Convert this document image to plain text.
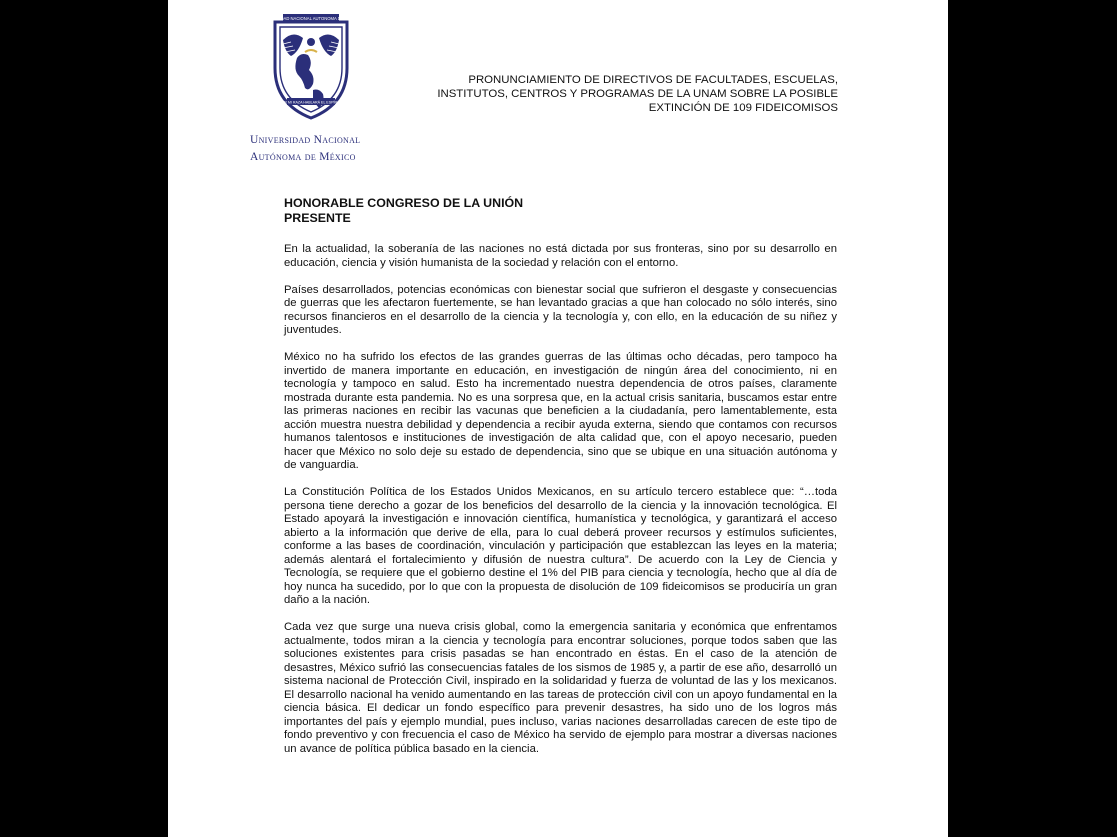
UNIVERSIDAD NACIONAL AUTONOMA DE MEXICO
POR MI RAZA HABLARÁ EL ESPÍRITU
Universidad Nacional
Autónoma de México
PRONUNCIAMIENTO DE DIRECTIVOS DE FACULTADES, ESCUELAS,
INSTITUTOS, CENTROS Y PROGRAMAS DE LA UNAM SOBRE LA POSIBLE
EXTINCIÓN DE 109 FIDEICOMISOS
HONORABLE CONGRESO DE LA UNIÓN
PRESENTE

En la actualidad, la soberanía de las naciones no está dictada por sus fronteras, sino por su desarrollo en educación, ciencia y visión humanista de la sociedad y relación con el entorno.

Países desarrollados, potencias económicas con bienestar social que sufrieron el desgaste y consecuencias de guerras que les afectaron fuertemente, se han levantado gracias a que han colocado no sólo interés, sino recursos financieros en el desarrollo de la ciencia y la tecnología y, con ello, en la educación de su niñez y juventudes.

México no ha sufrido los efectos de las grandes guerras de las últimas ocho décadas, pero tampoco ha invertido de manera importante en educación, en investigación de ningún área del conocimiento, ni en tecnología y tampoco en salud. Esto ha incrementado nuestra dependencia de otros países, claramente mostrada durante esta pandemia. No es una sorpresa que, en la actual crisis sanitaria, buscamos estar entre las primeras naciones en recibir las vacunas que beneficien a la ciudadanía, pero lamentablemente, esta acción muestra nuestra debilidad y dependencia a recibir ayuda externa, siendo que contamos con recursos humanos talentosos e instituciones de investigación de alta calidad que, con el apoyo necesario, pueden hacer que México no solo deje su estado de dependencia, sino que se ubique en una situación autónoma y de vanguardia.

La Constitución Política de los Estados Unidos Mexicanos, en su artículo tercero establece que: “…toda persona tiene derecho a gozar de los beneficios del desarrollo de la ciencia y la innovación tecnológica. El Estado apoyará la investigación e innovación científica, humanística y tecnológica, y garantizará el acceso abierto a la información que derive de ella, para lo cual deberá proveer recursos y estímulos suficientes, conforme a las bases de coordinación, vinculación y participación que establezcan las leyes en la materia; además alentará el fortalecimiento y difusión de nuestra cultura”. De acuerdo con la Ley de Ciencia y Tecnología, se requiere que el gobierno destine el 1% del PIB para ciencia y tecnología, hecho que al día de hoy nunca ha sucedido, por lo que con la propuesta de disolución de 109 fideicomisos se produciría un gran daño a la nación.

Cada vez que surge una nueva crisis global, como la emergencia sanitaria y económica que enfrentamos actualmente, todos miran a la ciencia y tecnología para encontrar soluciones, porque todos saben que las soluciones existentes para crisis pasadas se han encontrado en éstas. En el caso de la atención de desastres, México sufrió las consecuencias fatales de los sismos de 1985 y, a partir de ese año, desarrolló un sistema nacional de Protección Civil, inspirado en la solidaridad y fuerza de voluntad de las y los mexicanos. El desarrollo nacional ha venido aumentando en las tareas de protección civil con un apoyo fundamental en la ciencia básica. El dedicar un fondo específico para prevenir desastres, ha sido uno de los logros más importantes del país y ejemplo mundial, pues incluso, varias naciones desarrolladas carecen de este tipo de fondo preventivo y con frecuencia el caso de México ha servido de ejemplo para mostrar a diversas naciones un avance de política pública basado en la ciencia.
